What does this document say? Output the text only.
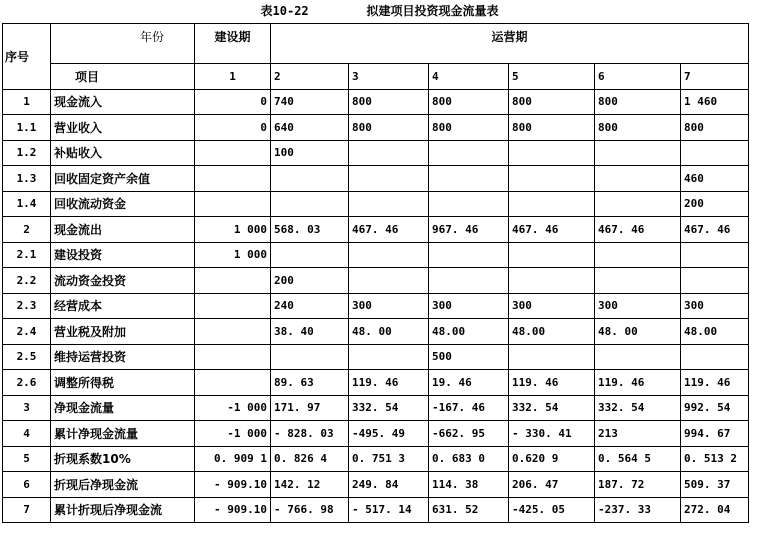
表10-22        拟建项目投资现金流量表
序号	年份	建设期	运营期					
	项目	1	2	3	4	5	6	7
1	现金流入	0	740	800	800	800	800	1 460
1.1	营业收入	0	640	800	800	800	800	800
1.2	补贴收入		100					
1.3	回收固定资产余值							460
1.4	回收流动资金							200
2	现金流出	1 000	568. 03	467. 46	967. 46	467. 46	467. 46	467. 46
2.1	建设投资	1 000						
2.2	流动资金投资		200					
2.3	经营成本		240	300	300	300	300	300
2.4	营业税及附加		38. 40	48. 00	48.00	48.00	48. 00	48.00
2.5	维持运营投资				500			
2.6	调整所得税		89. 63	119. 46	19. 46	119. 46	119. 46	119. 46
3	净现金流量	-1 000	171. 97	332. 54	-167. 46	332. 54	332. 54	992. 54
4	累计净现金流量	-1 000	- 828. 03	-495. 49	-662. 95	- 330. 41	213	994. 67
5	折现系数10%	0. 909 1	0. 826 4	0. 751 3	0. 683 0	0.620 9	0. 564 5	0. 513 2
6	折现后净现金流	- 909.10	142. 12	249. 84	114. 38	206. 47	187. 72	509. 37
7	累计折现后净现金流	- 909.10	- 766. 98	- 517. 14	631. 52	-425. 05	-237. 33	272. 04
